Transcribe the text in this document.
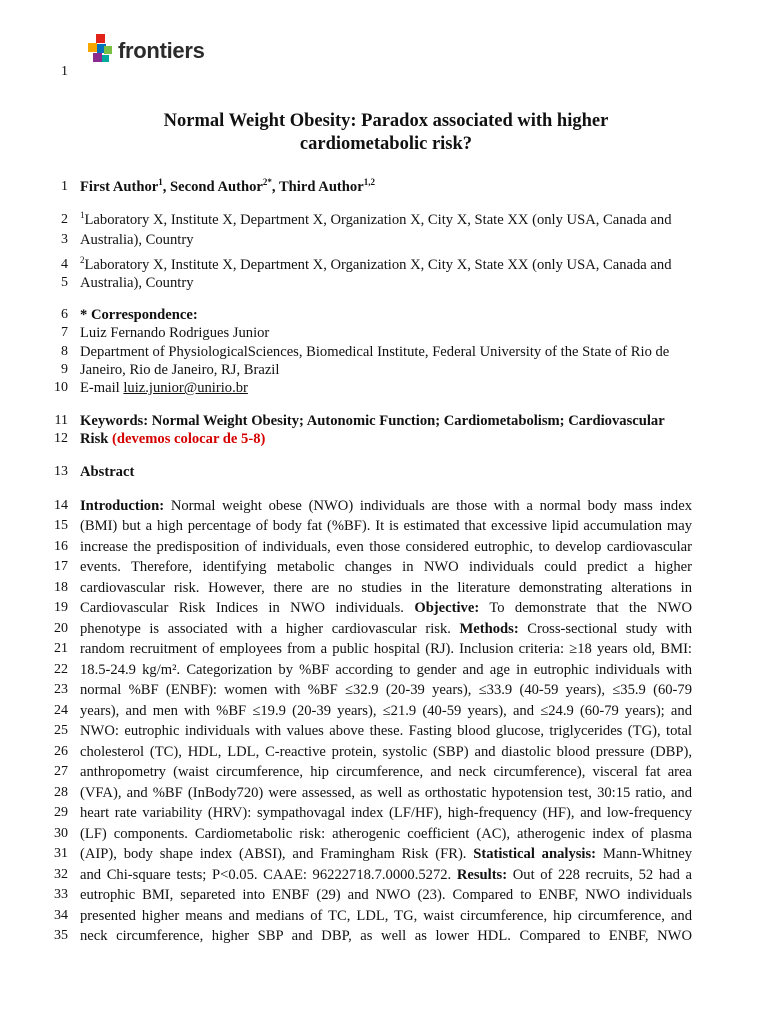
frontiers
1
Normal Weight Obesity: Paradox associated with higher
cardiometabolic risk?
1 First Author$^1$, Second Author$^{2*}$, Third Author$^{1,2}$
2 $^1$Laboratory X, Institute X, Department X, Organization X, City X, State XX (only USA, Canada and
3 Australia), Country
4 $^2$Laboratory X, Institute X, Department X, Organization X, City X, State XX (only USA, Canada and
5 Australia), Country
6 * Correspondence:
7 Luiz Fernando Rodrigues Junior
8 Department of PhysiologicalSciences, Biomedical Institute, Federal University of the State of Rio de
9 Janeiro, Rio de Janeiro, RJ, Brazil
10 E-mail luiz.junior@unirio.br
11 Keywords: Normal Weight Obesity; Autonomic Function; Cardiometabolism; Cardiovascular
12 Risk (devemos colocar de 5-8)
13 Abstract
14 Introduction: Normal weight obese (NWO) individuals are those with a normal body mass index
15 (BMI) but a high percentage of body fat (%BF). It is estimated that excessive lipid accumulation may
16 increase the predisposition of individuals, even those considered eutrophic, to develop cardiovascular
17 events. Therefore, identifying metabolic changes in NWO individuals could predict a higher
18 cardiovascular risk. However, there are no studies in the literature demonstrating alterations in
19 Cardiovascular Risk Indices in NWO individuals. Objective: To demonstrate that the NWO
20 phenotype is associated with a higher cardiovascular risk. Methods: Cross-sectional study with
21 random recruitment of employees from a public hospital (RJ). Inclusion criteria: ≥18 years old, BMI:
22 18.5-24.9 kg/m². Categorization by %BF according to gender and age in eutrophic individuals with
23 normal %BF (ENBF): women with %BF ≤32.9 (20-39 years), ≤33.9 (40-59 years), ≤35.9 (60-79
24 years), and men with %BF ≤19.9 (20-39 years), ≤21.9 (40-59 years), and ≤24.9 (60-79 years); and
25 NWO: eutrophic individuals with values above these. Fasting blood glucose, triglycerides (TG), total
26 cholesterol (TC), HDL, LDL, C-reactive protein, systolic (SBP) and diastolic blood pressure (DBP),
27 anthropometry (waist circumference, hip circumference, and neck circumference), visceral fat area
28 (VFA), and %BF (InBody720) were assessed, as well as orthostatic hypotension test, 30:15 ratio, and
29 heart rate variability (HRV): sympathovagal index (LF/HF), high-frequency (HF), and low-frequency
30 (LF) components. Cardiometabolic risk: atherogenic coefficient (AC), atherogenic index of plasma
31 (AIP), body shape index (ABSI), and Framingham Risk (FR). Statistical analysis: Mann-Whitney
32 and Chi-square tests; P<0.05. CAAE: 96222718.7.0000.5272. Results: Out of 228 recruits, 52 had a
33 eutrophic BMI, separeted into ENBF (29) and NWO (23). Compared to ENBF, NWO individuals
34 presented higher means and medians of TC, LDL, TG, waist circumference, hip circumference, and
35 neck circumference, higher SBP and DBP, as well as lower HDL. Compared to ENBF, NWO
